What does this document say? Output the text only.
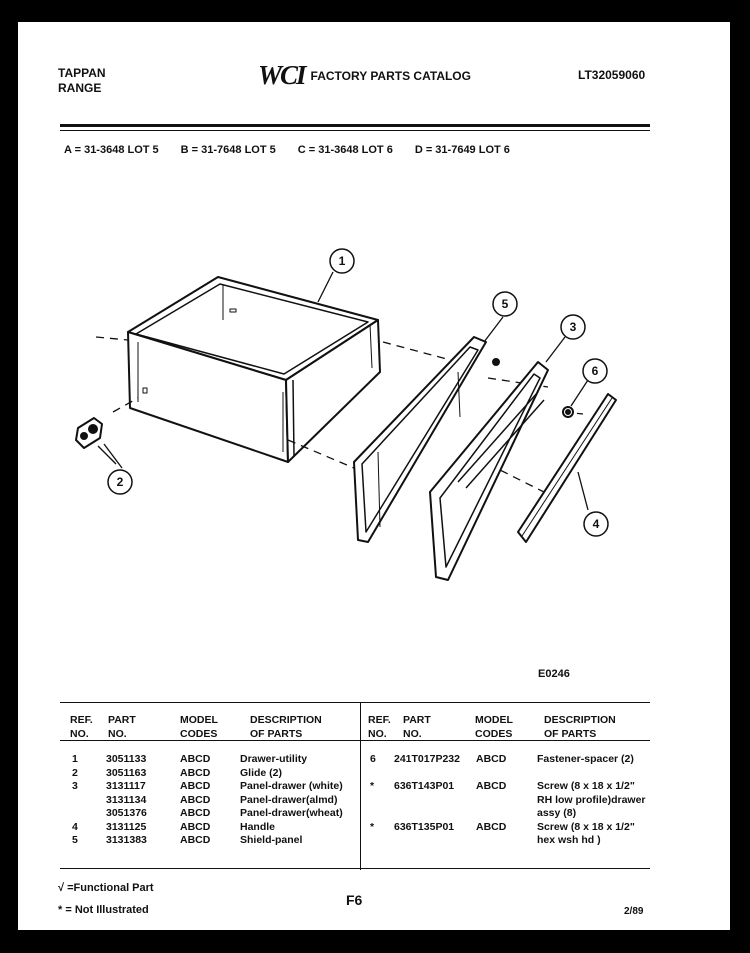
TAPPAN
RANGE	WCI FACTORY PARTS CATALOG	LT32059060
A = 31-3648 LOT 5 B = 31-7648 LOT 5 C = 31-3648 LOT 6 D = 31-7649 LOT 6
1
2
3
4
5
6
E0246
REF.
NO.
PART
NO.
MODEL
CODES
DESCRIPTION
OF PARTS
REF.
NO.
PART
NO.
MODEL
CODES
DESCRIPTION
OF PARTS
1
2
3

4
5
3051133
3051163
3131117
3131134
3051376
3131125
3131383
ABCD
ABCD
ABCD
ABCD
ABCD
ABCD
ABCD
Drawer-utility
Glide (2)
Panel-drawer (white)
Panel-drawer(almd)
Panel-drawer(wheat)
Handle
Shield-panel
6

*

*
241T017P232

636T143P01

636T135P01
ABCD

ABCD

ABCD
Fastener-spacer (2)

Screw (8 x 18 x 1/2"
RH low profile)drawer
assy (8)
Screw (8 x 18 x 1/2"
hex wsh hd )
√ =Functional Part
* = Not Illustrated
F6
2/89
